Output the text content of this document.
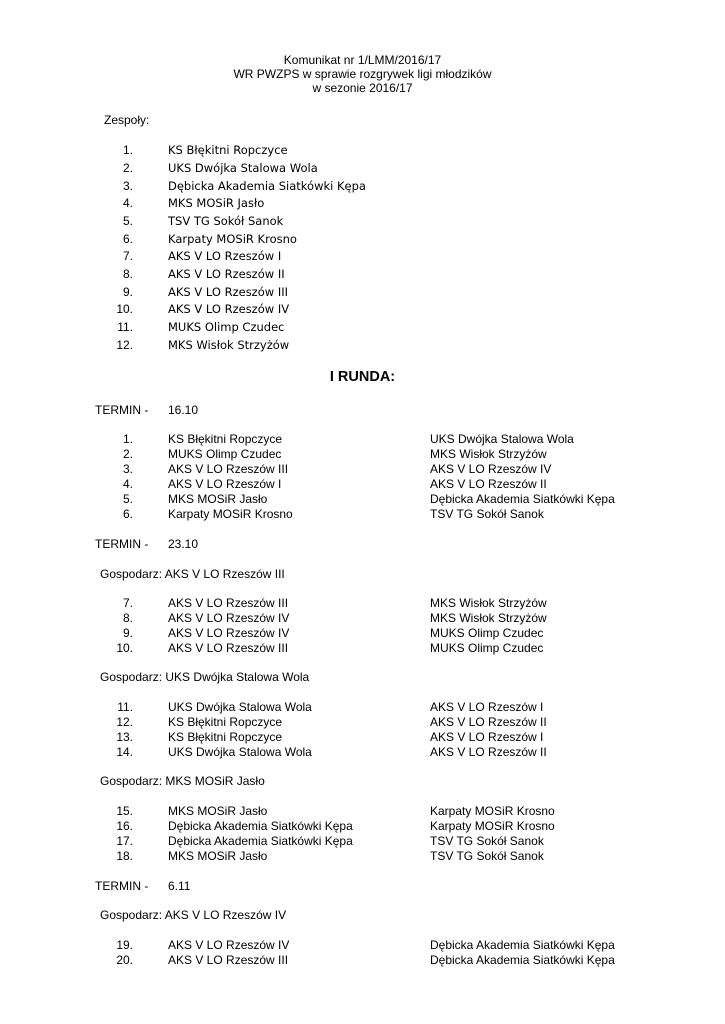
Komunikat nr 1/LMM/2016/17
WR PWZPS w sprawie rozgrywek ligi młodzików
w sezonie 2016/17
Zespoły:
1.	KS Błękitni Ropczyce
2.	UKS Dwójka Stalowa Wola
3.	Dębicka Akademia Siatkówki Kępa
4.	MKS MOSiR Jasło
5.	TSV TG Sokół Sanok
6.	Karpaty MOSiR Krosno
7.	AKS V LO Rzeszów I
8.	AKS V LO Rzeszów II
9.	AKS V LO Rzeszów III
10.	AKS V LO Rzeszów IV
11.	MUKS Olimp Czudec
12.	MKS Wisłok Strzyżów
I RUNDA:
TERMIN - 16.10
1.	KS Błękitni Ropczyce	UKS Dwójka Stalowa Wola
2.	MUKS Olimp Czudec	MKS Wisłok Strzyżów
3.	AKS V LO Rzeszów III	AKS V LO Rzeszów IV
4.	AKS V LO Rzeszów I	AKS V LO Rzeszów II
5.	MKS MOSiR Jasło	Dębicka Akademia Siatkówki Kępa
6.	Karpaty MOSiR Krosno	TSV TG Sokół Sanok
TERMIN - 23.10
Gospodarz: AKS V LO Rzeszów III
7.	AKS V LO Rzeszów III	MKS Wisłok Strzyżów
8.	AKS V LO Rzeszów IV	MKS Wisłok Strzyżów
9.	AKS V LO Rzeszów IV	MUKS Olimp Czudec
10.	AKS V LO Rzeszów III	MUKS Olimp Czudec
Gospodarz: UKS Dwójka Stalowa Wola
11.	UKS Dwójka Stalowa Wola	AKS V LO Rzeszów I
12.	KS Błękitni Ropczyce	AKS V LO Rzeszów II
13.	KS Błękitni Ropczyce	AKS V LO Rzeszów I
14.	UKS Dwójka Stalowa Wola	AKS V LO Rzeszów II
Gospodarz: MKS MOSiR Jasło
15.	MKS MOSiR Jasło	Karpaty MOSiR Krosno
16.	Dębicka Akademia Siatkówki Kępa	Karpaty MOSiR Krosno
17.	Dębicka Akademia Siatkówki Kępa	TSV TG Sokół Sanok
18.	MKS MOSiR Jasło	TSV TG Sokół Sanok
TERMIN - 6.11
Gospodarz: AKS V LO Rzeszów IV
19.	AKS V LO Rzeszów IV	Dębicka Akademia Siatkówki Kępa
20.	AKS V LO Rzeszów III	Dębicka Akademia Siatkówki Kępa
